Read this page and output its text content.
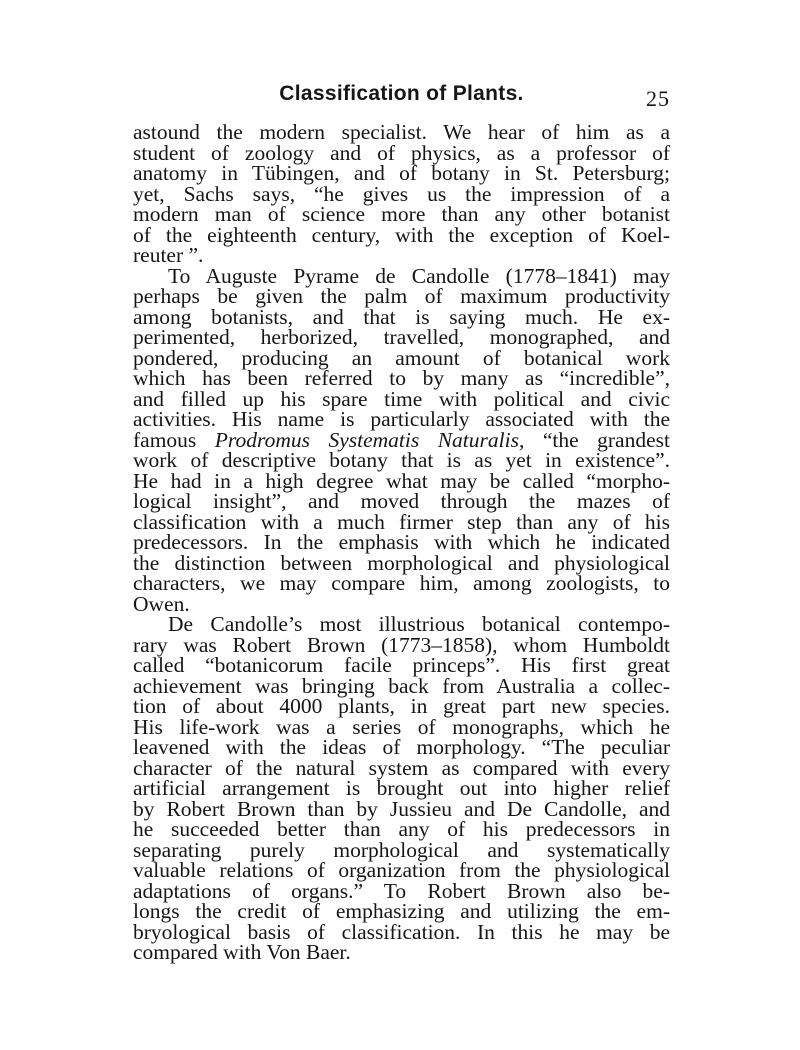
Classification of Plants.	25
astound the modern specialist. We hear of him as a
student of zoology and of physics, as a professor of
anatomy in Tübingen, and of botany in St. Petersburg;
yet, Sachs says, “he gives us the impression of a
modern man of science more than any other botanist
of the eighteenth century, with the exception of Koel-
reuter ”.
To Auguste Pyrame de Candolle (1778–1841) may
perhaps be given the palm of maximum productivity
among botanists, and that is saying much. He ex-
perimented, herborized, travelled, monographed, and
pondered, producing an amount of botanical work
which has been referred to by many as “incredible”,
and filled up his spare time with political and civic
activities. His name is particularly associated with the
famous Prodromus Systematis Naturalis, “the grandest
work of descriptive botany that is as yet in existence”.
He had in a high degree what may be called “morpho-
logical insight”, and moved through the mazes of
classification with a much firmer step than any of his
predecessors. In the emphasis with which he indicated
the distinction between morphological and physiological
characters, we may compare him, among zoologists, to
Owen.
De Candolle’s most illustrious botanical contempo-
rary was Robert Brown (1773–1858), whom Humboldt
called “botanicorum facile princeps”. His first great
achievement was bringing back from Australia a collec-
tion of about 4000 plants, in great part new species.
His life-work was a series of monographs, which he
leavened with the ideas of morphology. “The peculiar
character of the natural system as compared with every
artificial arrangement is brought out into higher relief
by Robert Brown than by Jussieu and De Candolle, and
he succeeded better than any of his predecessors in
separating purely morphological and systematically
valuable relations of organization from the physiological
adaptations of organs.” To Robert Brown also be-
longs the credit of emphasizing and utilizing the em-
bryological basis of classification. In this he may be
compared with Von Baer.
